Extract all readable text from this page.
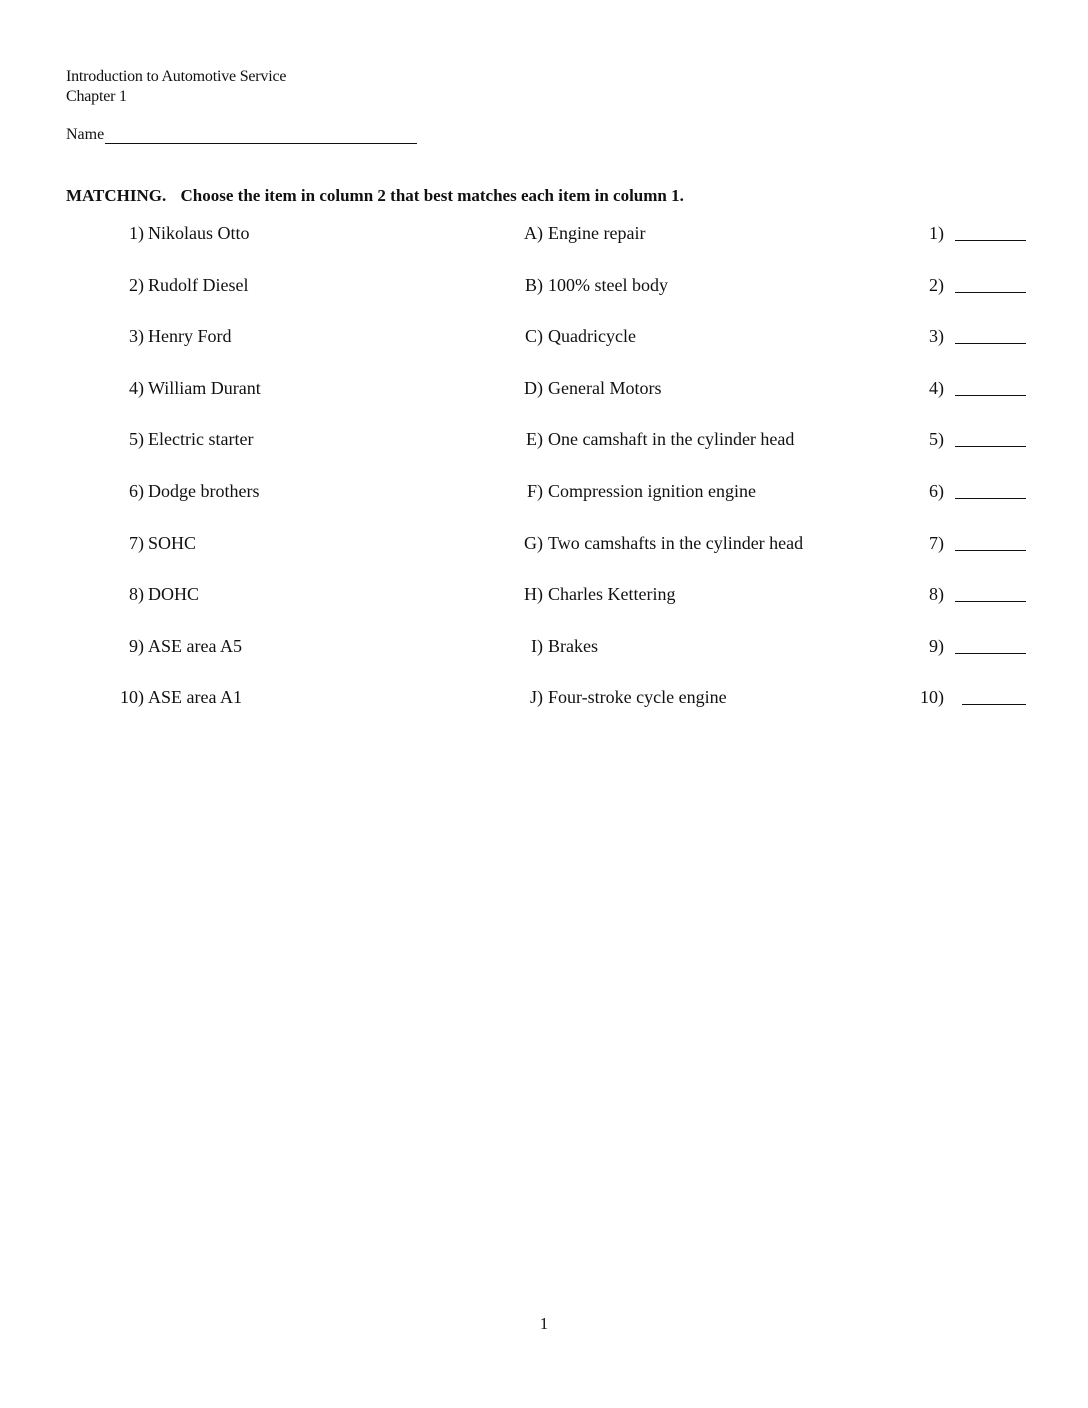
Introduction to Automotive Service
Chapter 1
Name
MATCHING. Choose the item in column 2 that best matches each item in column 1.
1) Nikolaus Otto	A) Engine repair	1)
2) Rudolf Diesel	B) 100% steel body	2)
3) Henry Ford	C) Quadricycle	3)
4) William Durant	D) General Motors	4)
5) Electric starter	E) One camshaft in the cylinder head	5)
6) Dodge brothers	F) Compression ignition engine	6)
7) SOHC	G) Two camshafts in the cylinder head	7)
8) DOHC	H) Charles Kettering	8)
9) ASE area A5	I) Brakes	9)
10) ASE area A1	J) Four-stroke cycle engine	10)
1
